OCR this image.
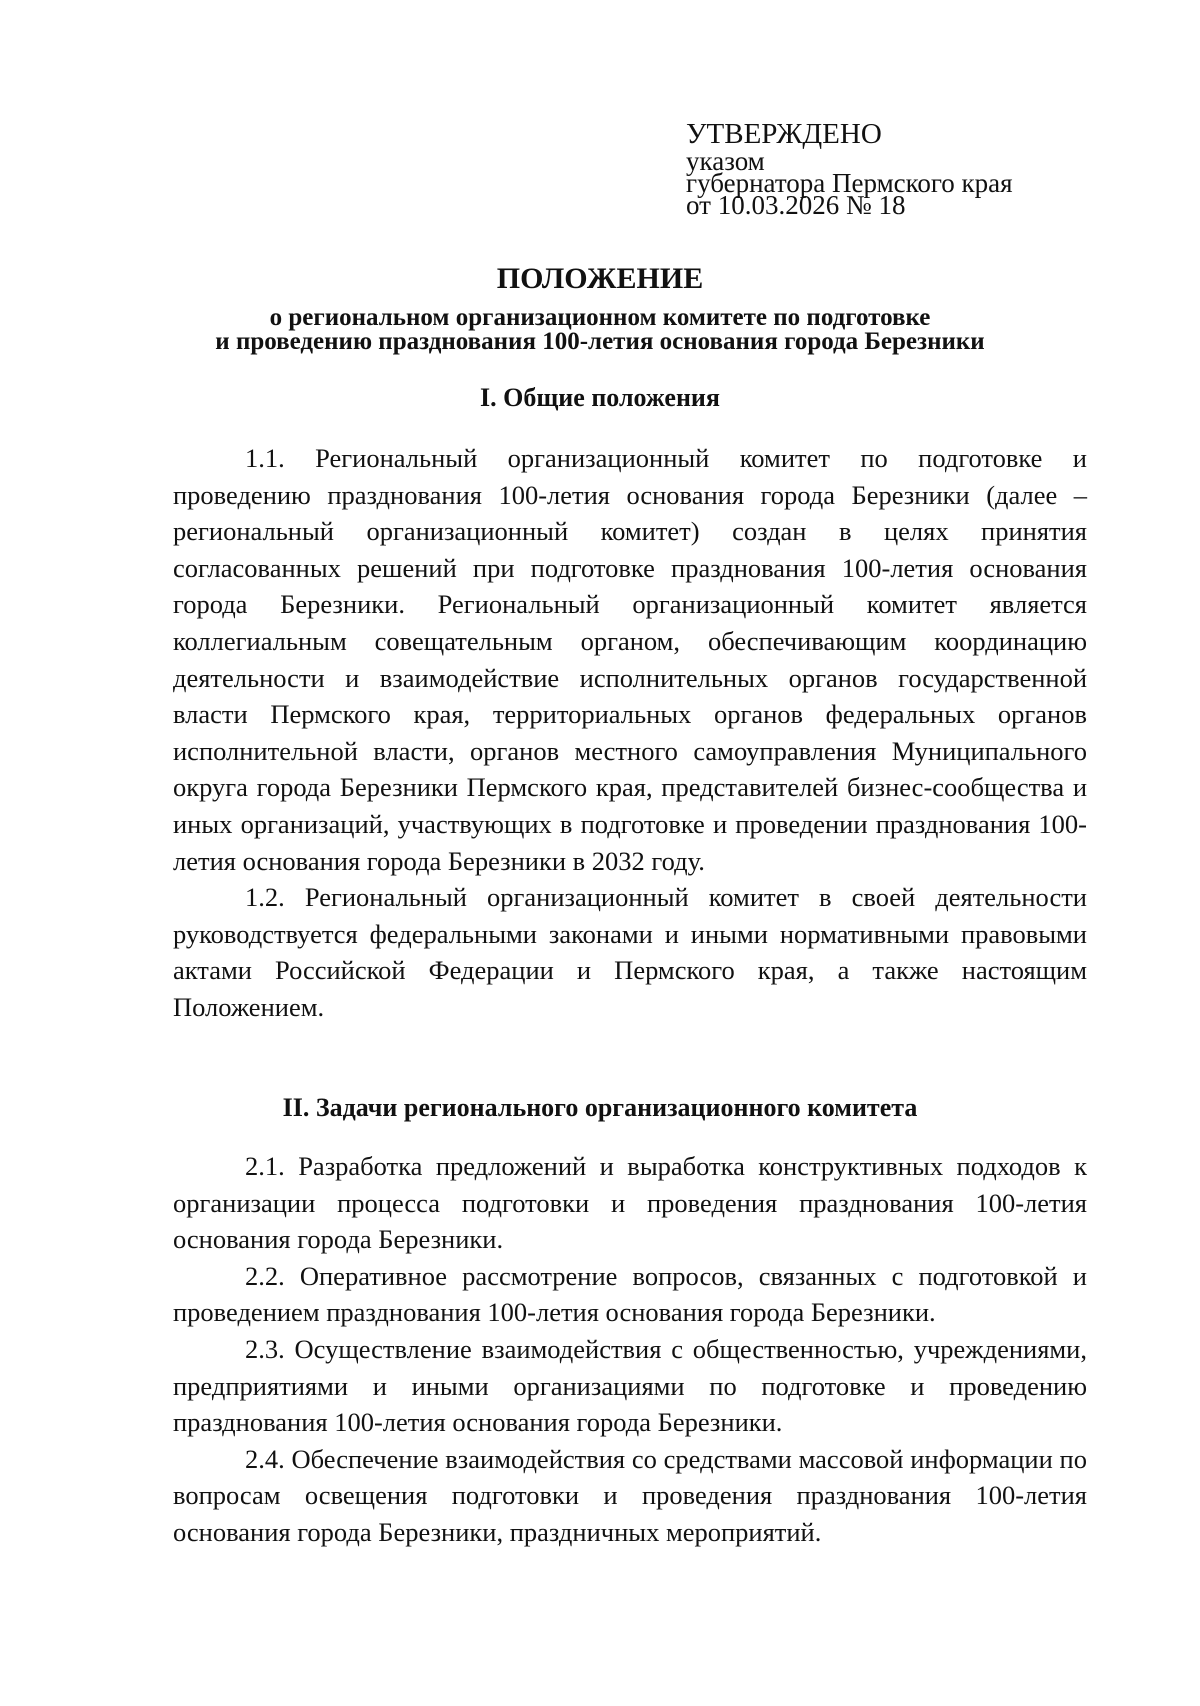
УТВЕРЖДЕНО
указом
губернатора Пермского края
от 10.03.2026 № 18
ПОЛОЖЕНИЕ
о региональном организационном комитете по подготовке
и проведению празднования 100-летия основания города Березники
I. Общие положения

1.1. Региональный организационный комитет по подготовке и проведению празднования 100-летия основания города Березники (далее – региональный организационный комитет) создан в целях принятия согласованных решений при подготовке празднования 100-летия основания города Березники. Региональный организационный комитет является коллегиальным совещательным органом, обеспечивающим координацию деятельности и взаимодействие исполнительных органов государственной власти Пермского края, территориальных органов федеральных органов исполнительной власти, органов местного самоуправления Муниципального округа города Березники Пермского края, представителей бизнес-сообщества и иных организаций, участвующих в подготовке и проведении празднования 100-летия основания города Березники в 2032 году.

1.2. Региональный организационный комитет в своей деятельности руководствуется федеральными законами и иными нормативными правовыми актами Российской Федерации и Пермского края, а также настоящим Положением.

II. Задачи регионального организационного комитета

2.1. Разработка предложений и выработка конструктивных подходов к организации процесса подготовки и проведения празднования 100-летия основания города Березники.

2.2. Оперативное рассмотрение вопросов, связанных с подготовкой и проведением празднования 100-летия основания города Березники.

2.3. Осуществление взаимодействия с общественностью, учреждениями, предприятиями и иными организациями по подготовке и проведению празднования 100-летия основания города Березники.

2.4. Обеспечение взаимодействия со средствами массовой информации по вопросам освещения подготовки и проведения празднования 100-летия основания города Березники, праздничных мероприятий.
